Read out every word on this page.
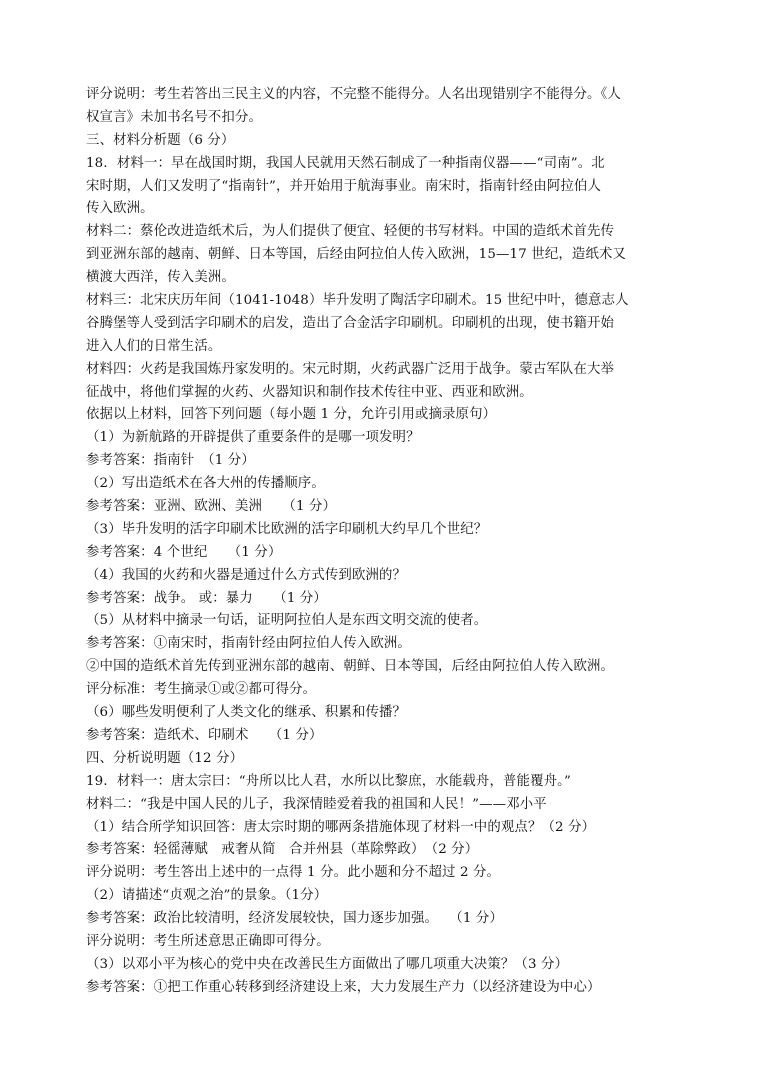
评分说明：考生若答出三民主义的内容，不完整不能得分。人名出现错别字不能得分。《人
权宣言》未加书名号不扣分。
三、材料分析题（6 分）
18．材料一：早在战国时期，我国人民就用天然石制成了一种指南仪器——“司南”。北
宋时期，人们又发明了“指南针”，并开始用于航海事业。南宋时，指南针经由阿拉伯人
传入欧洲。
材料二：蔡伦改进造纸术后，为人们提供了便宜、轻便的书写材料。中国的造纸术首先传
到亚洲东部的越南、朝鲜、日本等国，后经由阿拉伯人传入欧洲，15—17 世纪，造纸术又
横渡大西洋，传入美洲。
材料三：北宋庆历年间（1041-1048）毕升发明了陶活字印刷术。15 世纪中叶，德意志人
谷腾堡等人受到活字印刷术的启发，造出了合金活字印刷机。印刷机的出现，使书籍开始
进入人们的日常生活。
材料四：火药是我国炼丹家发明的。宋元时期，火药武器广泛用于战争。蒙古军队在大举
征战中，将他们掌握的火药、火器知识和制作技术传往中亚、西亚和欧洲。
依据以上材料，回答下列问题（每小题 1 分，允许引用或摘录原句）
（1）为新航路的开辟提供了重要条件的是哪一项发明？
参考答案：指南针　（1 分）
（2）写出造纸术在各大州的传播顺序。
参考答案：亚洲、欧洲、美洲　　（1 分）
（3）毕升发明的活字印刷术比欧洲的活字印刷机大约早几个世纪？
参考答案：4 个世纪　　（1 分）
（4）我国的火药和火器是通过什么方式传到欧洲的？
参考答案：战争。 或：暴力　　（1 分）
（5）从材料中摘录一句话，证明阿拉伯人是东西文明交流的使者。
参考答案：①南宋时，指南针经由阿拉伯人传入欧洲。
②中国的造纸术首先传到亚洲东部的越南、朝鲜、日本等国，后经由阿拉伯人传入欧洲。
评分标准：考生摘录①或②都可得分。
（6）哪些发明便利了人类文化的继承、积累和传播？
参考答案：造纸术、印刷术　　（1 分）
四、分析说明题（12 分）
19．材料一：唐太宗曰：“舟所以比人君，水所以比黎庶，水能载舟，普能覆舟。”
材料二：“我是中国人民的儿子，我深情睦爱着我的祖国和人民！”——邓小平
（1）结合所学知识回答：唐太宗时期的哪两条措施体现了材料一中的观点？（2 分）
参考答案：轻徭薄赋　戒奢从简　合并州县（革除弊政）　（2 分）
评分说明：考生答出上述中的一点得 1 分。此小题和分不超过 2 分。
（2）请描述“贞观之治”的景象。（1分）
参考答案：政治比较清明，经济发展较快，国力逐步加强。　 （1 分）
评分说明：考生所述意思正确即可得分。
（3）以邓小平为核心的党中央在改善民生方面做出了哪几项重大决策？（3 分）
参考答案：①把工作重心转移到经济建设上来，大力发展生产力（以经济建设为中心）
